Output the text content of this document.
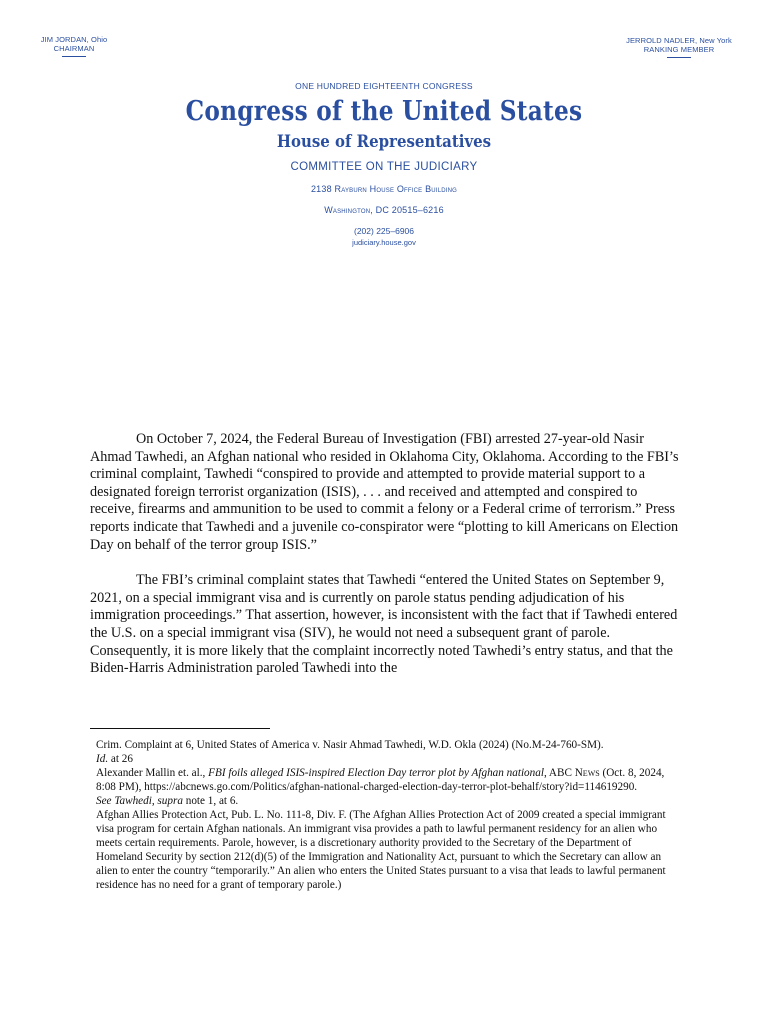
JIM JORDAN, Ohio
CHAIRMAN
JERROLD NADLER, New York
RANKING MEMBER
ONE HUNDRED EIGHTEENTH CONGRESS
Congress of the United States
House of Representatives
COMMITTEE ON THE JUDICIARY
2138 Rayburn House Office Building
Washington, DC 20515–6216
(202) 225–6906
judiciary.house.gov

On October 7, 2024, the Federal Bureau of Investigation (FBI) arrested 27-year-old Nasir Ahmad Tawhedi, an Afghan national who resided in Oklahoma City, Oklahoma. According to the FBI’s criminal complaint, Tawhedi “conspired to provide and attempted to provide material support to a designated foreign terrorist organization (ISIS), . . . and received and attempted and conspired to receive, firearms and ammunition to be used to commit a felony or a Federal crime of terrorism.” Press reports indicate that Tawhedi and a juvenile co-conspirator were “plotting to kill Americans on Election Day on behalf of the terror group ISIS.”

The FBI’s criminal complaint states that Tawhedi “entered the United States on September 9, 2021, on a special immigrant visa and is currently on parole status pending adjudication of his immigration proceedings.” That assertion, however, is inconsistent with the fact that if Tawhedi entered the U.S. on a special immigrant visa (SIV), he would not need a subsequent grant of parole. Consequently, it is more likely that the complaint incorrectly noted Tawhedi’s entry status, and that the Biden-Harris Administration paroled Tawhedi into the

Crim. Complaint at 6, United States of America v. Nasir Ahmad Tawhedi, W.D. Okla (2024) (No.M-24-760-SM).

Id. at 26

Alexander Mallin et. al., FBI foils alleged ISIS-inspired Election Day terror plot by Afghan national, ABC News (Oct. 8, 2024, 8:08 PM), https://abcnews.go.com/Politics/afghan-national-charged-election-day-terror-plot-behalf/story?id=114619290.

See Tawhedi, supra note 1, at 6.

Afghan Allies Protection Act, Pub. L. No. 111-8, Div. F. (The Afghan Allies Protection Act of 2009 created a special immigrant visa program for certain Afghan nationals. An immigrant visa provides a path to lawful permanent residency for an alien who meets certain requirements. Parole, however, is a discretionary authority provided to the Secretary of the Department of Homeland Security by section 212(d)(5) of the Immigration and Nationality Act, pursuant to which the Secretary can allow an alien to enter the country “temporarily.” An alien who enters the United States pursuant to a visa that leads to lawful permanent residence has no need for a grant of temporary parole.)
